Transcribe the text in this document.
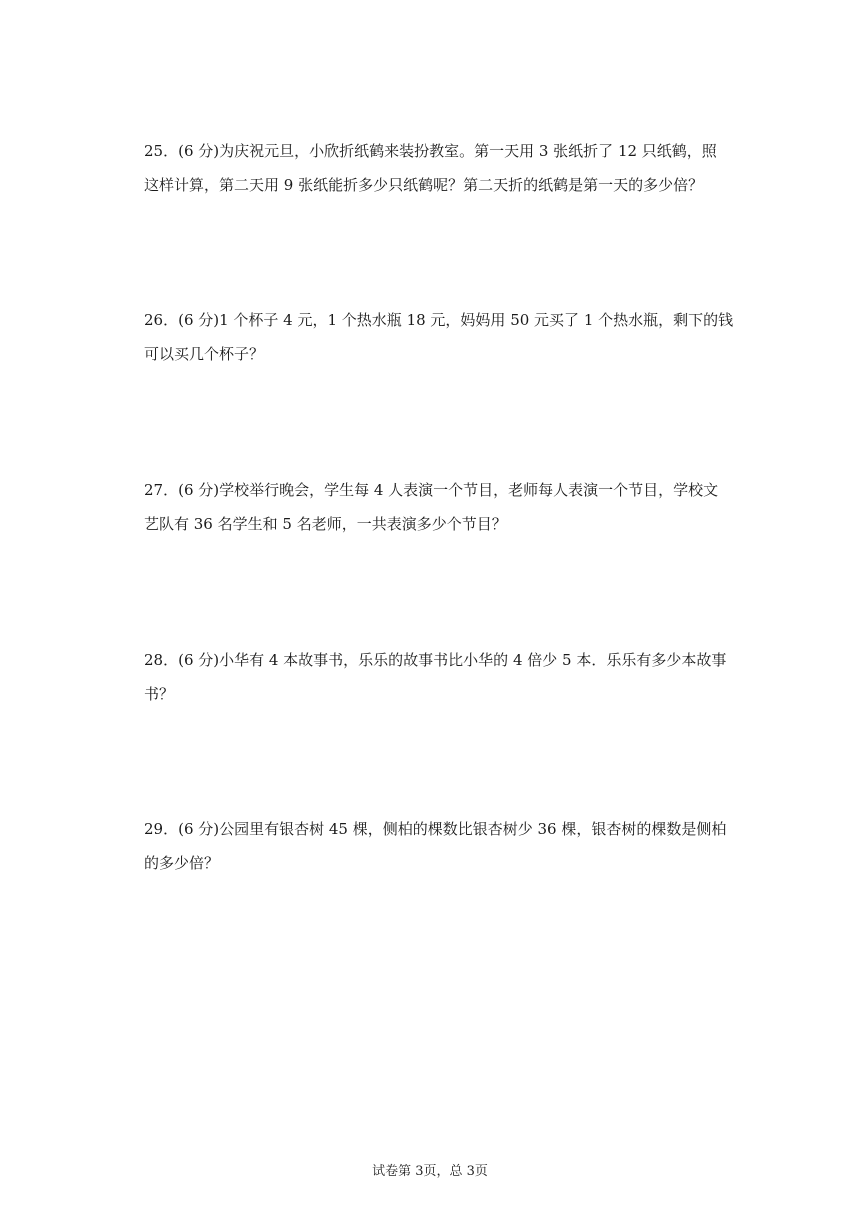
25．(6 分)为庆祝元旦，小欣折纸鹤来装扮教室。第一天用 3 张纸折了 12 只纸鹤，照
这样计算，第二天用 9 张纸能折多少只纸鹤呢？第二天折的纸鹤是第一天的多少倍？
26．(6 分)1 个杯子 4 元，1 个热水瓶 18 元，妈妈用 50 元买了 1 个热水瓶，剩下的钱
可以买几个杯子？
27．(6 分)学校举行晚会，学生每 4 人表演一个节目，老师每人表演一个节目，学校文
艺队有 36 名学生和 5 名老师，一共表演多少个节目？
28．(6 分)小华有 4 本故事书，乐乐的故事书比小华的 4 倍少 5 本．乐乐有多少本故事
书？
29．(6 分)公园里有银杏树 45 棵，侧柏的棵数比银杏树少 36 棵，银杏树的棵数是侧柏
的多少倍？
试卷第 3页，总 3页
